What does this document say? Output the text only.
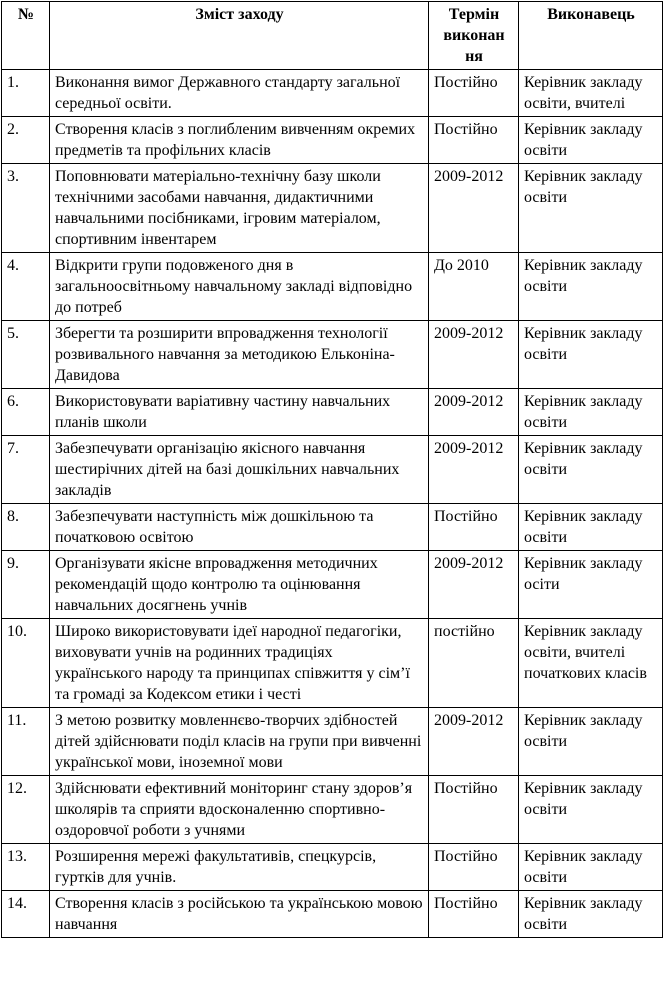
№	Зміст заходу	Термін виконан ня	Виконавець
1.	Виконання вимог Державного стандарту загальної середньої освіти.	Постійно	Керівник закладу освіти, вчителі
2.	Створення класів з поглибленим вивченням окремих предметів та профільних класів	Постійно	Керівник закладу освіти
3.	Поповнювати матеріально-технічну базу школи технічними засобами навчання, дидактичними навчальними посібниками, ігровим матеріалом, спортивним інвентарем	2009-2012	Керівник закладу освіти
4.	Відкрити групи подовженого дня в загальноосвітньому навчальному закладі відповідно до потреб	До 2010	Керівник закладу освіти
5.	Зберегти та розширити впровадження технології розвивального навчання за методикою Ельконіна-Давидова	2009-2012	Керівник закладу освіти
6.	Використовувати варіативну частину навчальних планів школи	2009-2012	Керівник закладу освіти
7.	Забезпечувати організацію якісного навчання шестирічних дітей на базі дошкільних навчальних закладів	2009-2012	Керівник закладу освіти
8.	Забезпечувати наступність між дошкільною та початковою освітою	Постійно	Керівник закладу освіти
9.	Організувати якісне впровадження методичних рекомендацій щодо контролю та оцінювання навчальних досягнень учнів	2009-2012	Керівник закладу осіти
10.	Широко використовувати ідеї народної педагогіки, виховувати учнів на родинних традиціях українського народу та принципах співжиття у сім’ї та громаді за Кодексом етики і честі	постійно	Керівник закладу освіти, вчителі початкових класів
11.	З метою розвитку мовленнєво-творчих здібностей дітей здійснювати поділ класів на групи при вивченні української мови, іноземної мови	2009-2012	Керівник закладу освіти
12.	Здійснювати ефективний моніторинг стану здоров’я школярів та сприяти вдосконаленню спортивно-оздоровчої роботи з учнями	Постійно	Керівник закладу освіти
13.	Розширення мережі факультативів, спецкурсів, гуртків для учнів.	Постійно	Керівник закладу освіти
14.	Створення класів з російською та українською мовою навчання	Постійно	Керівник закладу освіти
